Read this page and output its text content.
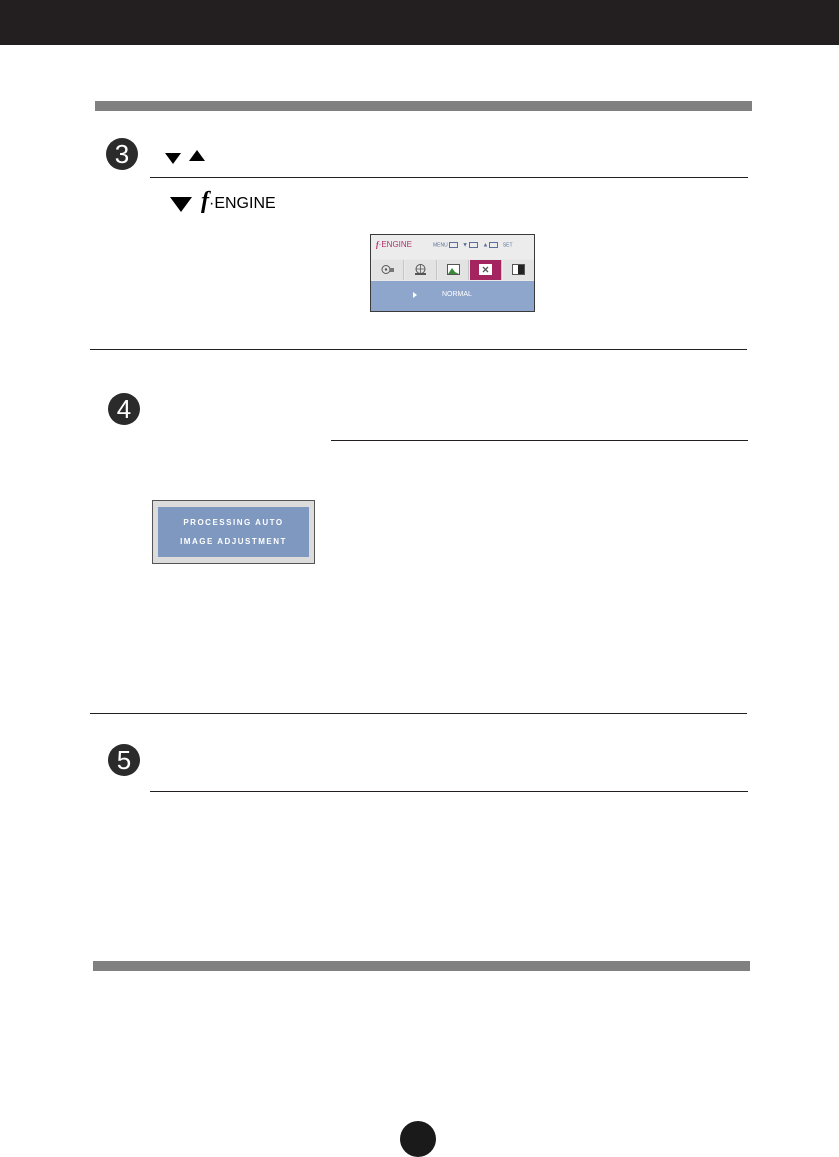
3
f·ENGINE
f·ENGINE	MENU ▼ ▲	SET
NORMAL
4
PROCESSING AUTO
IMAGE ADJUSTMENT
5
